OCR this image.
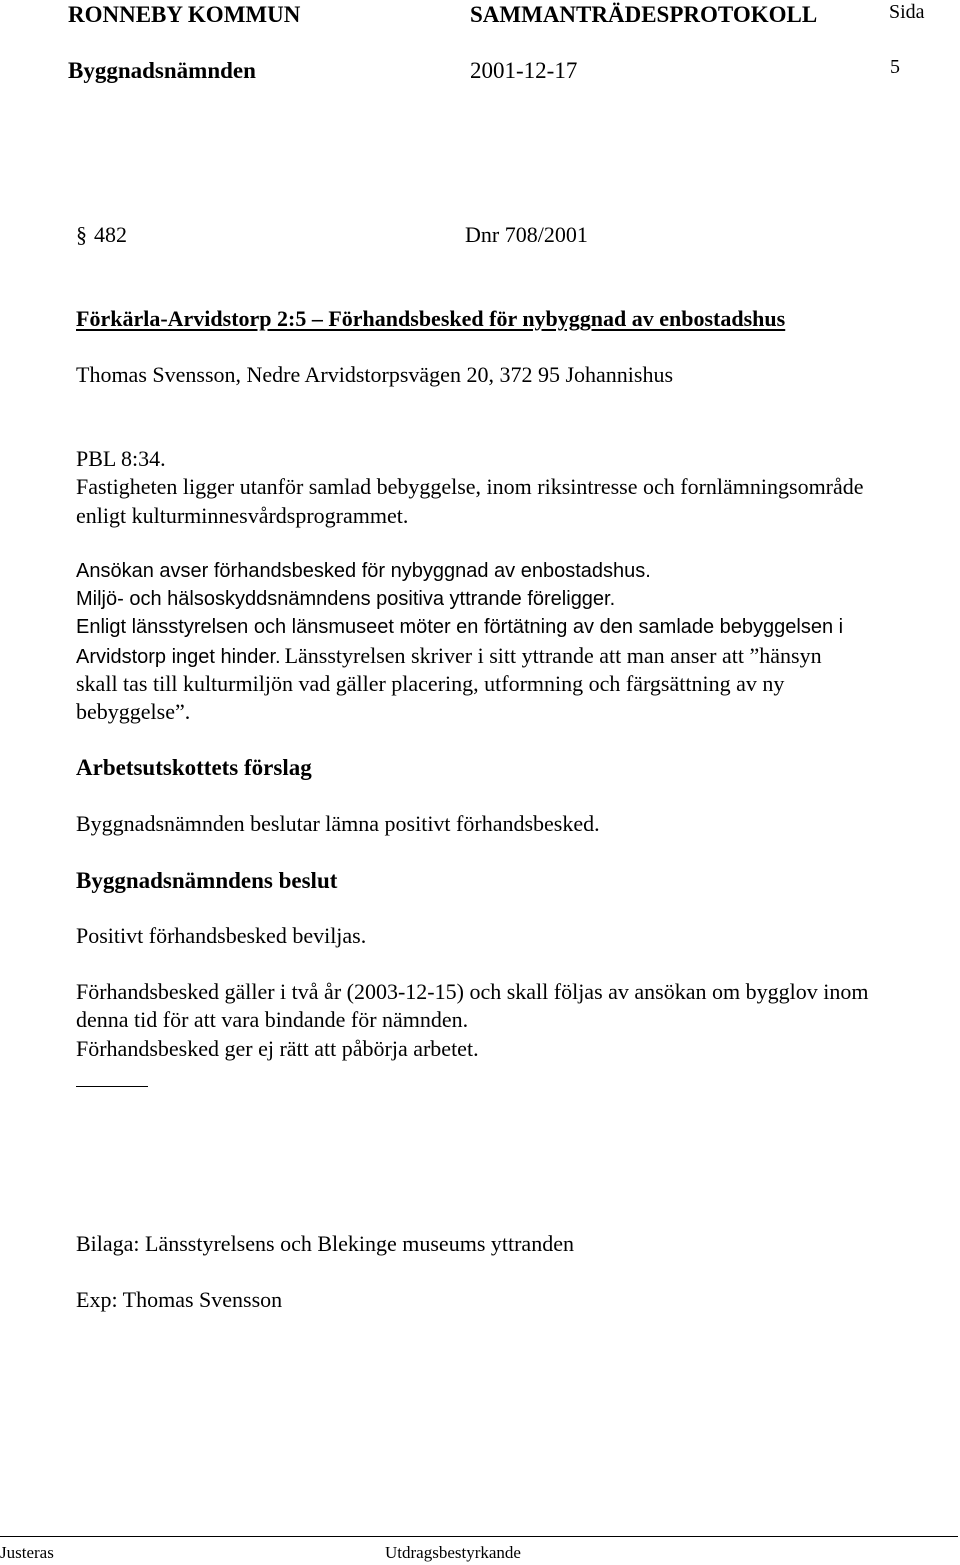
RONNEBY KOMMUN	SAMMANTRÄDESPROTOKOLL	Sida
Byggnadsnämnden	2001-12-17	5
§ 482	Dnr 708/2001
Förkärla-Arvidstorp 2:5 – Förhandsbesked för nybyggnad av enbostadshus
Thomas Svensson, Nedre Arvidstorpsvägen 20, 372 95 Johannishus
PBL 8:34.
Fastigheten ligger utanför samlad bebyggelse, inom riksintresse och fornlämningsområde
enligt kulturminnesvårdsprogrammet.
Ansökan avser förhandsbesked för nybyggnad av enbostadshus.
Miljö- och hälsoskyddsnämndens positiva yttrande föreligger.
Enligt länsstyrelsen och länsmuseet möter en förtätning av den samlade bebyggelsen i
Arvidstorp inget hinder. Länsstyrelsen skriver i sitt yttrande att man anser att ”hänsyn
skall tas till kulturmiljön vad gäller placering, utformning och färgsättning av ny
bebyggelse”.
Arbetsutskottets förslag
Byggnadsnämnden beslutar lämna positivt förhandsbesked.
Byggnadsnämndens beslut
Positivt förhandsbesked beviljas.
Förhandsbesked gäller i två år (2003-12-15) och skall följas av ansökan om bygglov inom
denna tid för att vara bindande för nämnden.
Förhandsbesked ger ej rätt att påbörja arbetet.
Bilaga: Länsstyrelsens och Blekinge museums yttranden
Exp: Thomas Svensson
Justeras	Utdragsbestyrkande
